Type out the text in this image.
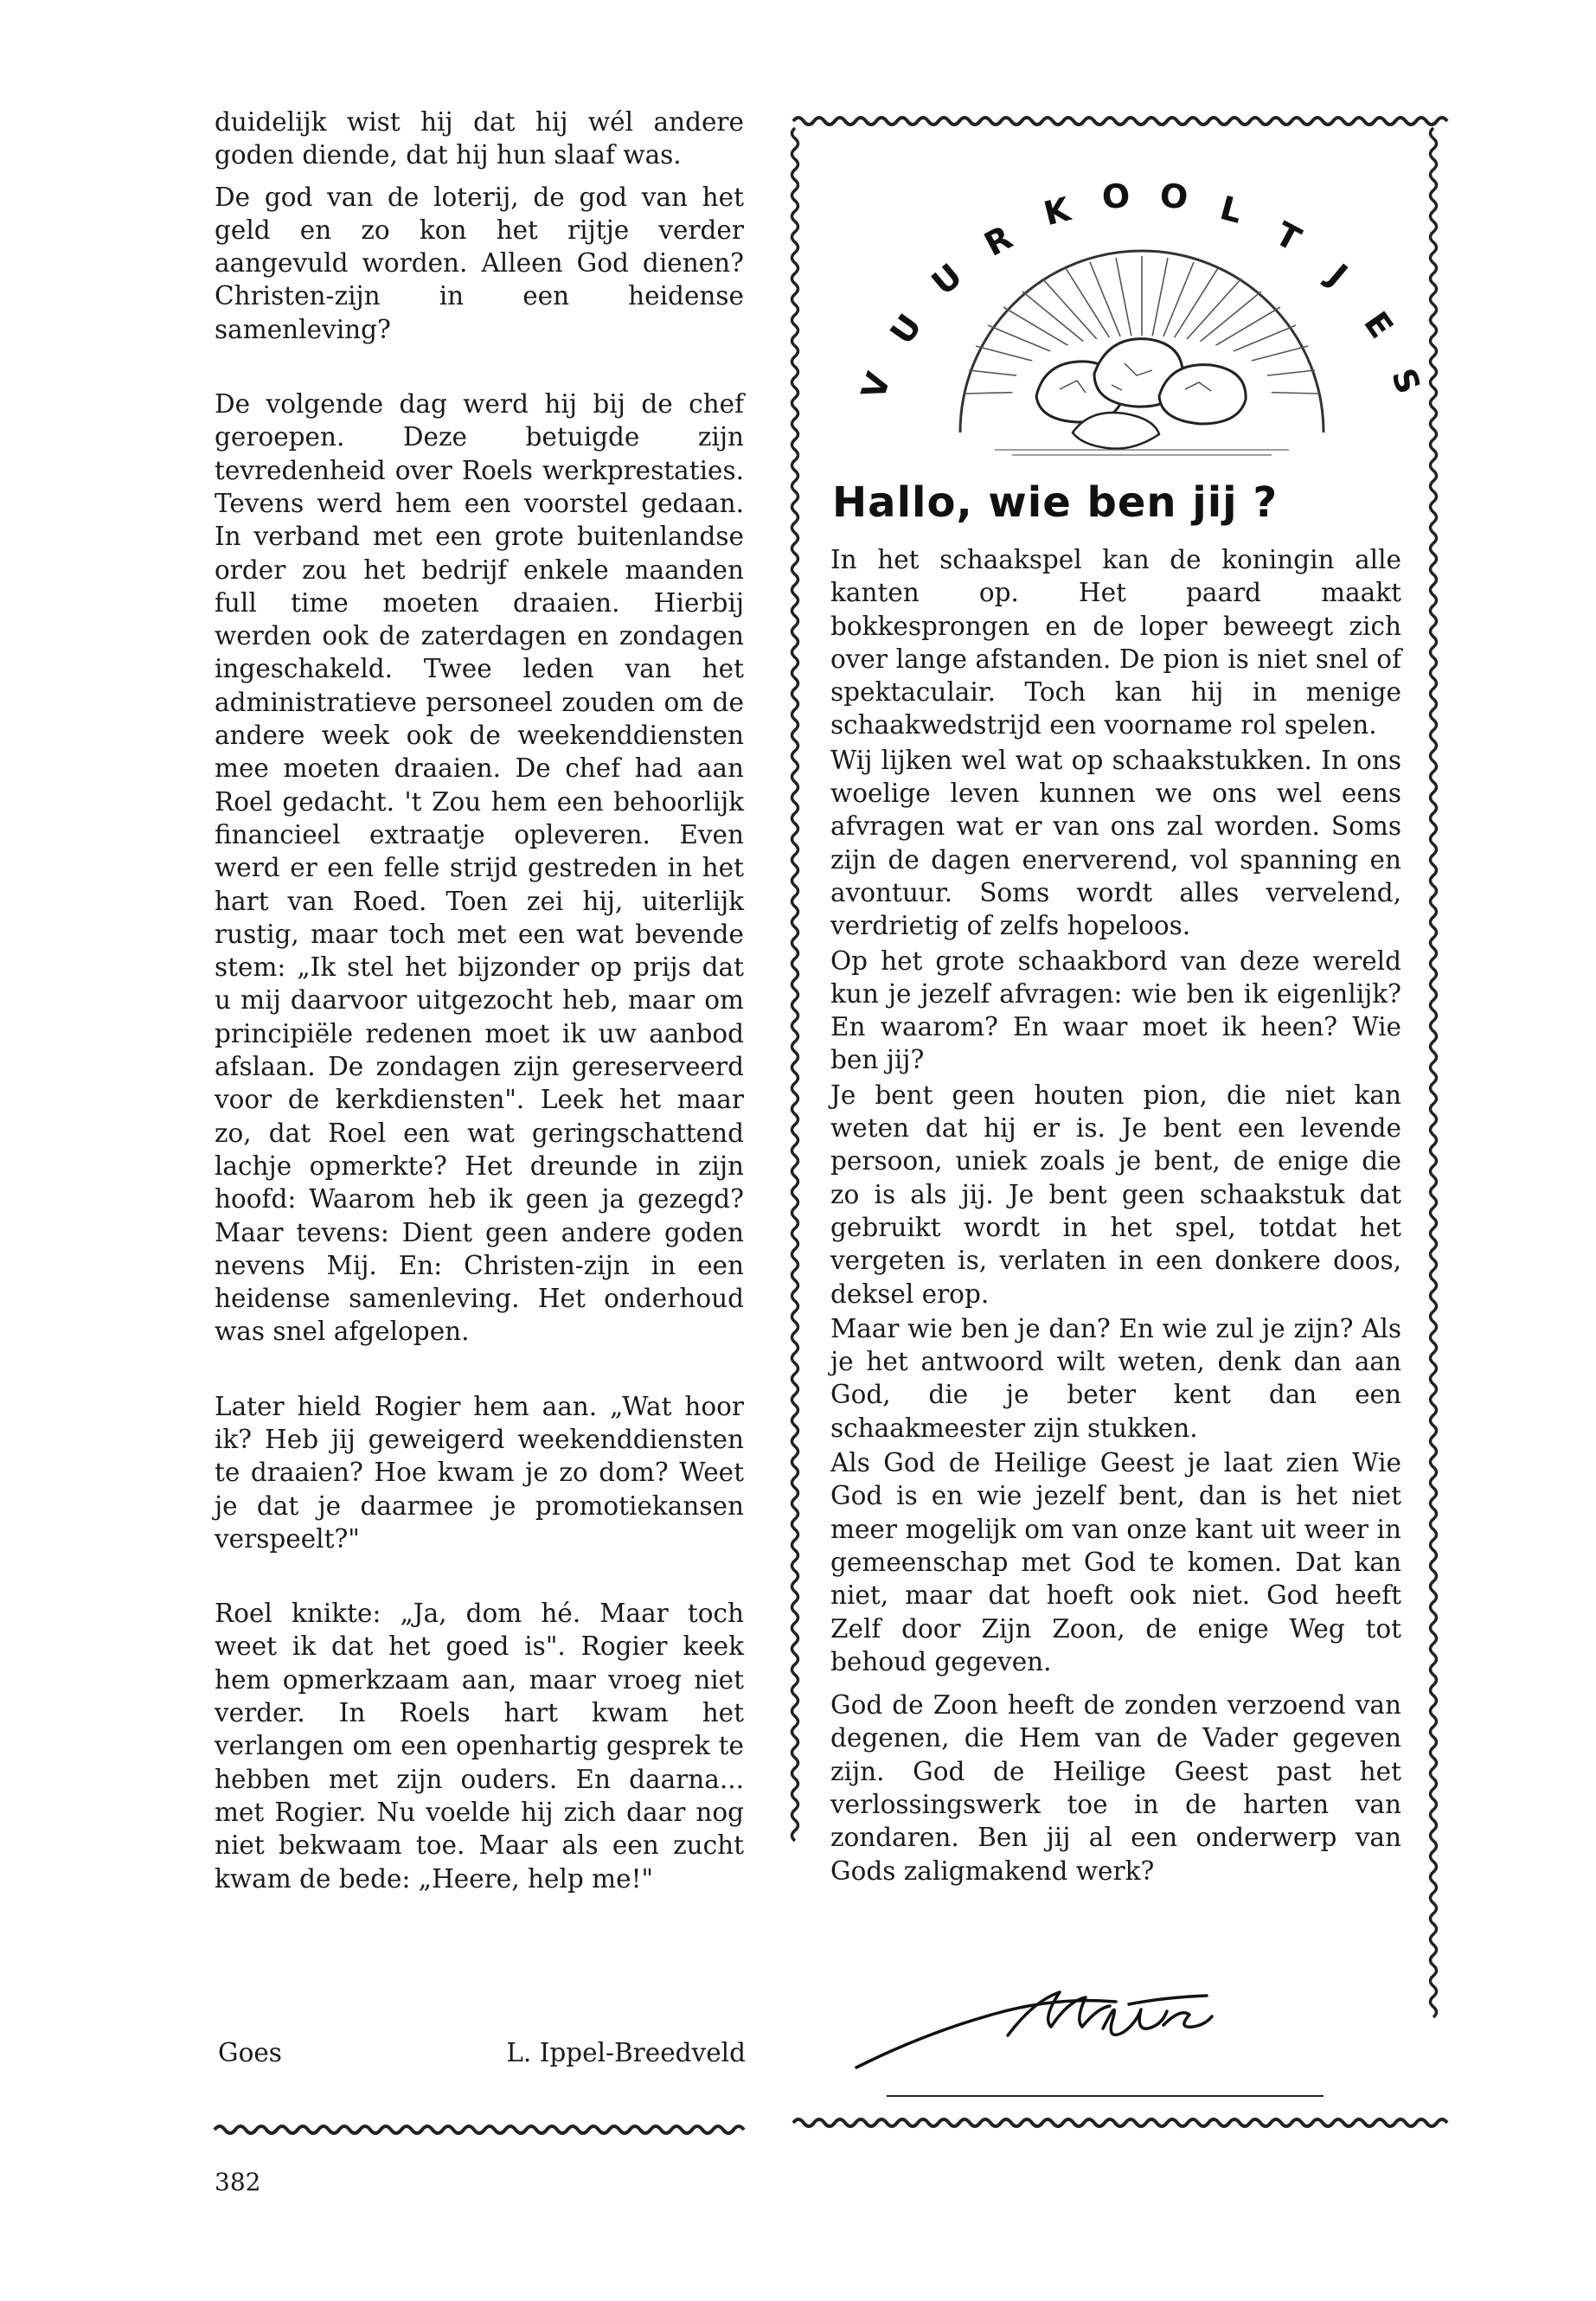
duidelijk wist hij dat hij wél andere goden diende, dat hij hun slaaf was.

De god van de loterij, de god van het geld en zo kon het rijtje verder aangevuld worden. Alleen God dienen? Christen-zijn in een heidense samenleving?

De volgende dag werd hij bij de chef geroepen. Deze betuigde zijn tevredenheid over Roels werkprestaties. Tevens werd hem een voorstel gedaan. In verband met een grote buitenlandse order zou het bedrijf enkele maanden full time moeten draaien. Hierbij werden ook de zaterdagen en zondagen ingeschakeld. Twee leden van het administratieve personeel zouden om de andere week ook de weekenddiensten mee moeten draaien. De chef had aan Roel gedacht. 't Zou hem een behoorlijk financieel extraatje opleveren. Even werd er een felle strijd gestreden in het hart van Roed. Toen zei hij, uiterlijk rustig, maar toch met een wat bevende stem: „Ik stel het bijzonder op prijs dat u mij daarvoor uitgezocht heb, maar om principiële redenen moet ik uw aanbod afslaan. De zondagen zijn gereserveerd voor de kerkdiensten". Leek het maar zo, dat Roel een wat geringschattend lachje opmerkte? Het dreunde in zijn hoofd: Waarom heb ik geen ja gezegd? Maar tevens: Dient geen andere goden nevens Mij. En: Christen-zijn in een heidense samenleving. Het onderhoud was snel afgelopen.

Later hield Rogier hem aan. „Wat hoor ik? Heb jij geweigerd weekenddiensten te draaien? Hoe kwam je zo dom? Weet je dat je daarmee je promotiekansen verspeelt?"

Roel knikte: „Ja, dom hé. Maar toch weet ik dat het goed is". Rogier keek hem opmerkzaam aan, maar vroeg niet verder. In Roels hart kwam het verlangen om een openhartig gesprek te hebben met zijn ouders. En daarna... met Rogier. Nu voelde hij zich daar nog niet bekwaam toe. Maar als een zucht kwam de bede: „Heere, help me!"

Goes	L. Ippel-Breedveld
V
U
U
R
K O O L
T
J
E
S
Hallo, wie ben jij ?

In het schaakspel kan de koningin alle kanten op. Het paard maakt bokkesprongen en de loper beweegt zich over lange afstanden. De pion is niet snel of spektaculair. Toch kan hij in menige schaakwedstrijd een voorname rol spelen.

Wij lijken wel wat op schaakstukken. In ons woelige leven kunnen we ons wel eens afvragen wat er van ons zal worden. Soms zijn de dagen enerverend, vol spanning en avontuur. Soms wordt alles vervelend, verdrietig of zelfs hopeloos.

Op het grote schaakbord van deze wereld kun je jezelf afvragen: wie ben ik eigenlijk? En waarom? En waar moet ik heen? Wie ben jij?

Je bent geen houten pion, die niet kan weten dat hij er is. Je bent een levende persoon, uniek zoals je bent, de enige die zo is als jij. Je bent geen schaakstuk dat gebruikt wordt in het spel, totdat het vergeten is, verlaten in een donkere doos, deksel erop.

Maar wie ben je dan? En wie zul je zijn? Als je het antwoord wilt weten, denk dan aan God, die je beter kent dan een schaakmeester zijn stukken.

Als God de Heilige Geest je laat zien Wie God is en wie jezelf bent, dan is het niet meer mogelijk om van onze kant uit weer in gemeenschap met God te komen. Dat kan niet, maar dat hoeft ook niet. God heeft Zelf door Zijn Zoon, de enige Weg tot behoud gegeven.

God de Zoon heeft de zonden verzoend van degenen, die Hem van de Vader gegeven zijn. God de Heilige Geest past het verlossingswerk toe in de harten van zondaren. Ben jij al een onderwerp van Gods zaligmakend werk?

382
